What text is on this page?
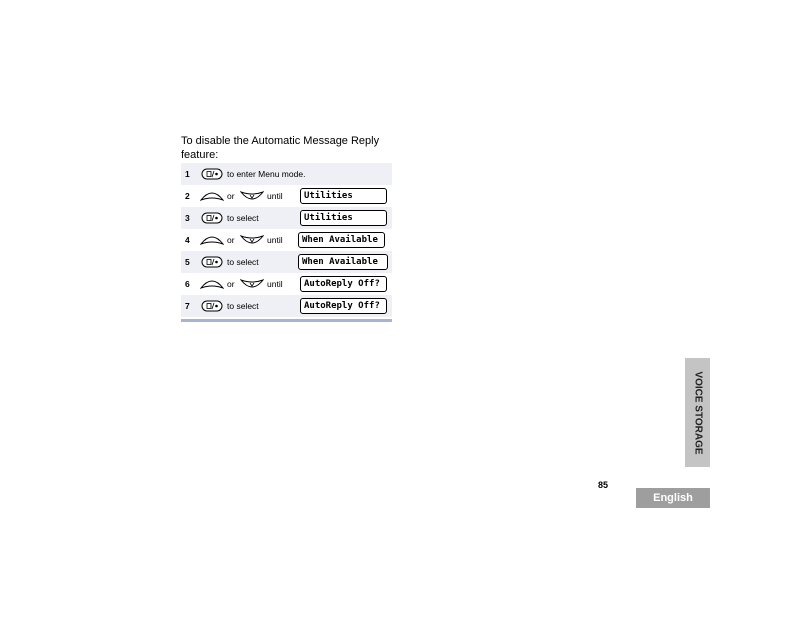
To disable the Automatic Message Reply feature:
1	to enter Menu mode.
2	or	until	Utilities
3	to select	Utilities
4	or	until	When Available
5	to select	When Available
6	or	until	AutoReply Off?
7	to select	AutoReply Off?
VOICE STORAGE
85
English
